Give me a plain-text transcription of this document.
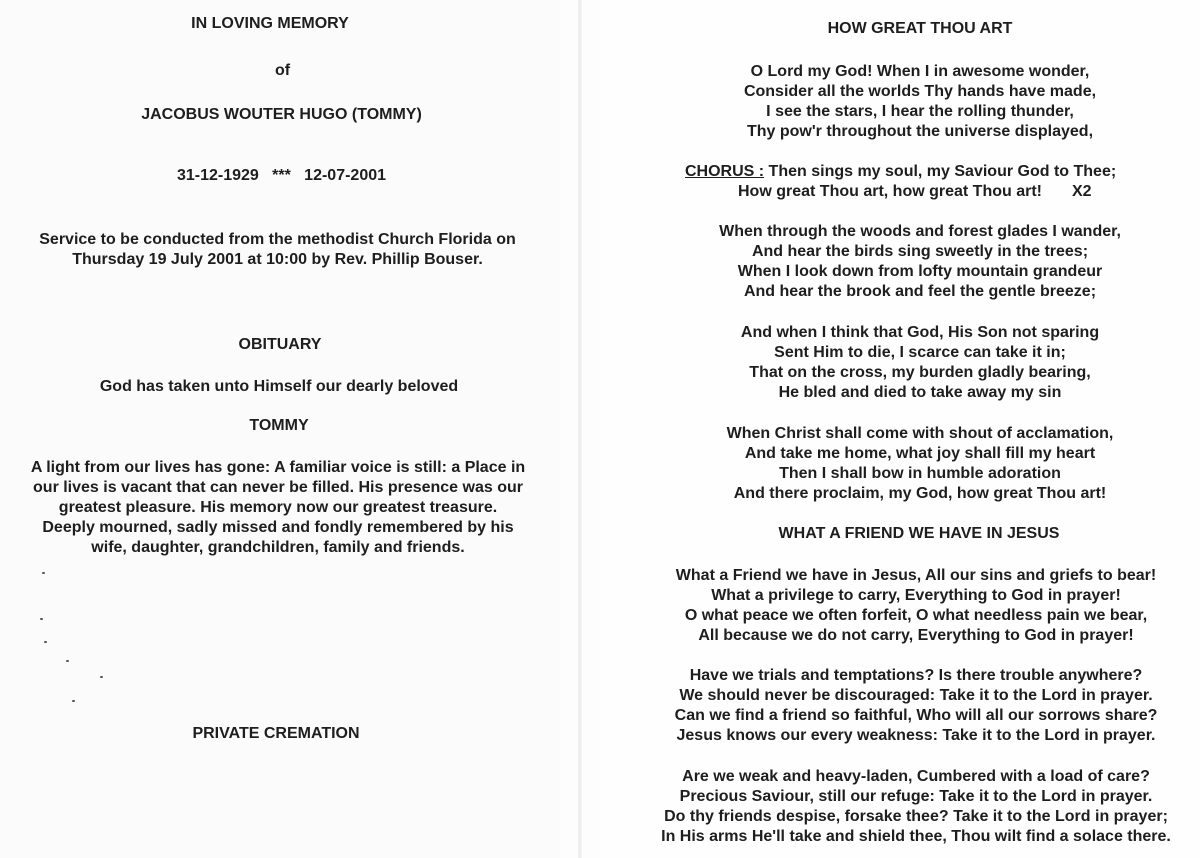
IN LOVING MEMORY
of
JACOBUS WOUTER HUGO (TOMMY)
31-12-1929   ***   12-07-2001
Service to be conducted from the methodist Church Florida on
Thursday 19 July 2001 at 10:00 by Rev. Phillip Bouser.
OBITUARY
God has taken unto Himself our dearly beloved
TOMMY
A light from our lives has gone: A familiar voice is still: a Place in
our lives is vacant that can never be filled. His presence was our
greatest pleasure. His memory now our greatest treasure.
Deeply mourned, sadly missed and fondly remembered by his
wife, daughter, grandchildren, family and friends.
PRIVATE CREMATION
HOW GREAT THOU ART
O Lord my God! When I in awesome wonder,
Consider all the worlds Thy hands have made,
I see the stars, I hear the rolling thunder,
Thy pow'r throughout the universe displayed,
CHORUS : Then sings my soul, my Saviour God to Thee;
How great Thou art, how great Thou art! X2
When through the woods and forest glades I wander,
And hear the birds sing sweetly in the trees;
When I look down from lofty mountain grandeur
And hear the brook and feel the gentle breeze;
And when I think that God, His Son not sparing
Sent Him to die, I scarce can take it in;
That on the cross, my burden gladly bearing,
He bled and died to take away my sin
When Christ shall come with shout of acclamation,
And take me home, what joy shall fill my heart
Then I shall bow in humble adoration
And there proclaim, my God, how great Thou art!
WHAT A FRIEND WE HAVE IN JESUS
What a Friend we have in Jesus, All our sins and griefs to bear!
What a privilege to carry, Everything to God in prayer!
O what peace we often forfeit, O what needless pain we bear,
All because we do not carry, Everything to God in prayer!
Have we trials and temptations? Is there trouble anywhere?
We should never be discouraged: Take it to the Lord in prayer.
Can we find a friend so faithful, Who will all our sorrows share?
Jesus knows our every weakness: Take it to the Lord in prayer.
Are we weak and heavy-laden, Cumbered with a load of care?
Precious Saviour, still our refuge: Take it to the Lord in prayer.
Do thy friends despise, forsake thee? Take it to the Lord in prayer;
In His arms He'll take and shield thee, Thou wilt find a solace there.
